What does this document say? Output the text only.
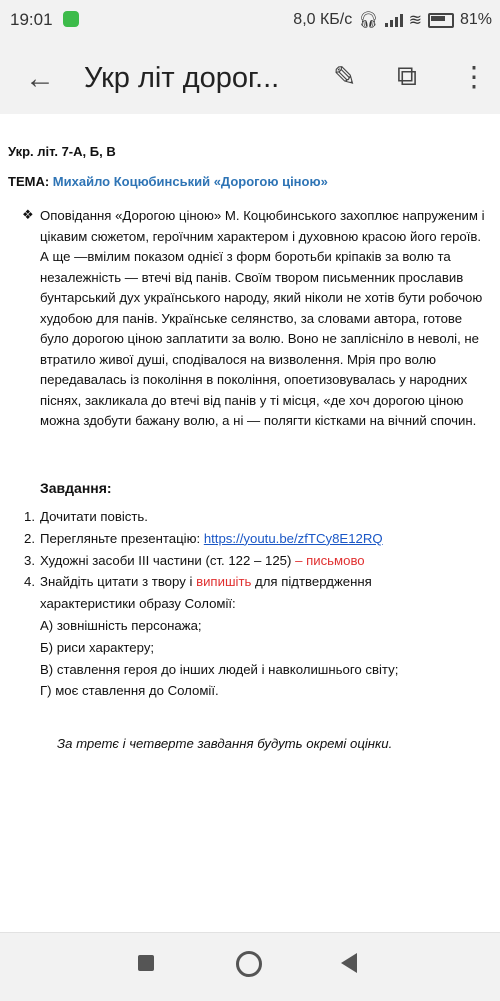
19:01	8,0 КБ/с 🎧︎ ≋ 81%
← Укр літ дорог... ✎ ⧉ ⋮
Укр. літ. 7-А, Б, В
ТЕМА: Михайло Коцюбинський «Дорогою ціною»
❖ Оповідання «Дорогою ціною» М. Коцюбинського захоплює напруженим і цікавим сюжетом, героїчним характером і духовною красою його героїв. А ще —вмілим показом однієї з форм боротьби кріпаків за волю та незалежність — втечі від панів. Своїм твором письменник прославив бунтарський дух українського народу, який ніколи не хотів бути робочою худобою для панів. Українське селянство, за словами автора, готове було дорогою ціною заплатити за волю. Воно не заплісніло в неволі, не втратило живої душі, сподівалося на визволення. Мрія про волю передавалась із покоління в покоління, опоетизовувалась у народних піснях, закликала до втечі від панів у ті місця, «де хоч дорогою ціною можна здобути бажану волю, а ні — полягти кістками на вічний спочин.
Завдання:
1. Дочитати повість.
2. Перегляньте презентацію: https://youtu.be/zfTCy8E12RQ
3. Художні засоби ІІІ частини (ст. 122 – 125) – письмово
4. Знайдіть цитати з твору і випишіть для підтвердження
характеристики образу Соломії:
А) зовнішність персонажа;
Б) риси характеру;
В) ставлення героя до інших людей і навколишнього світу;
Г) моє ставлення до Соломії.
За третє і четверте завдання будуть окремі оцінки.
